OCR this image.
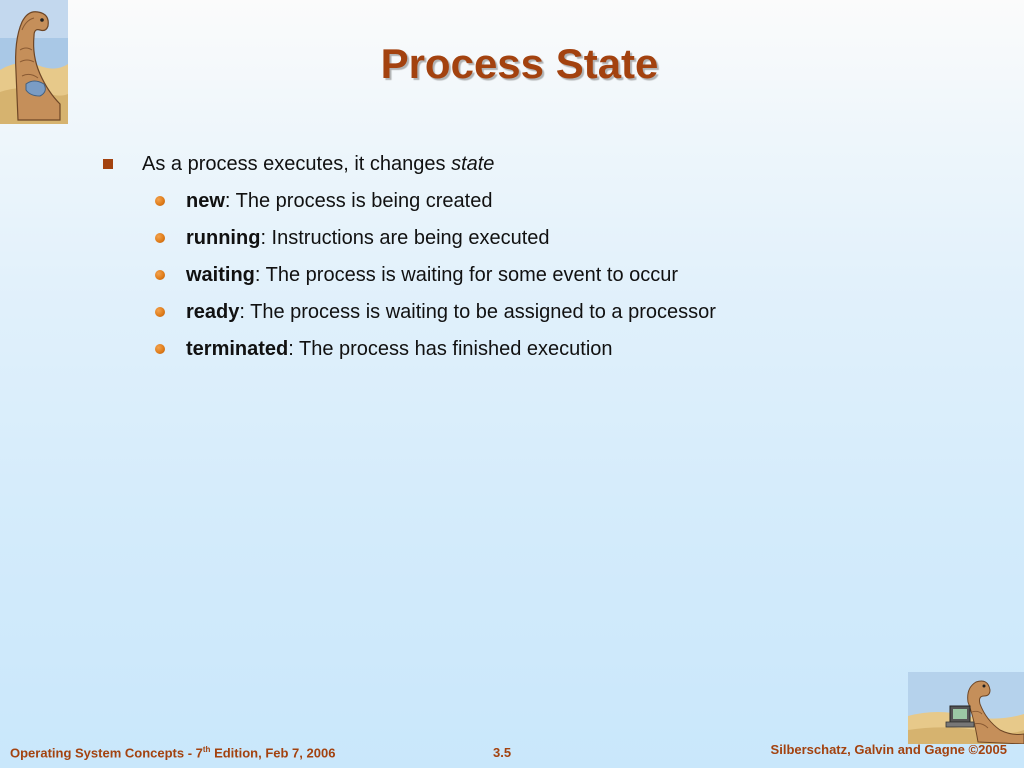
Process State
As a process executes, it changes state
new: The process is being created
running: Instructions are being executed
waiting: The process is waiting for some event to occur
ready: The process is waiting to be assigned to a processor
terminated: The process has finished execution
Operating System Concepts - 7th Edition, Feb 7, 2006	3.5	Silberschatz, Galvin and Gagne ©2005
